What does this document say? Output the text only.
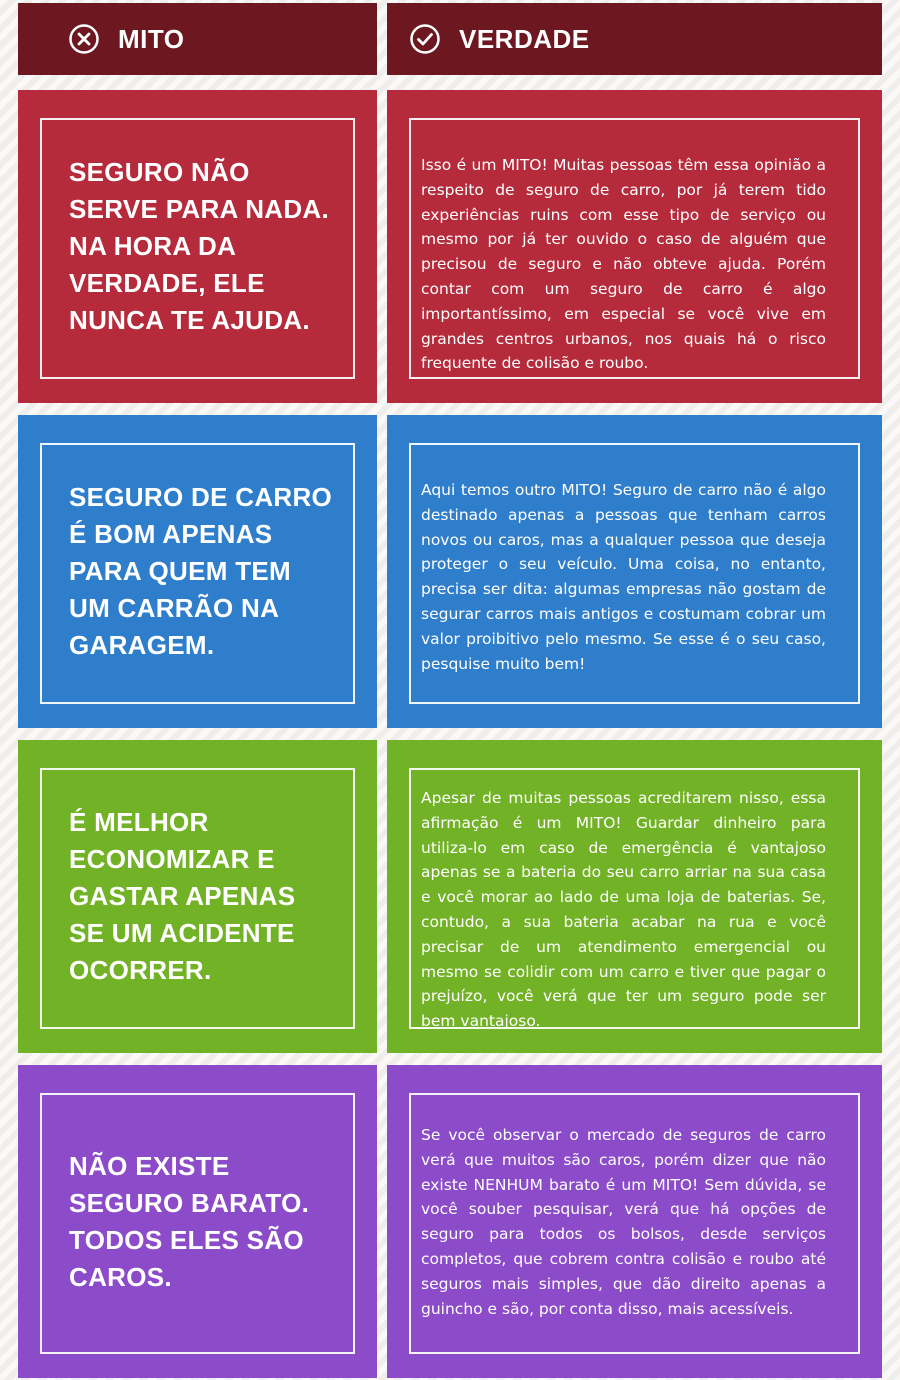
MITO	VERDADE
SEGURO NÃO SERVE PARA NADA. NA HORA DA VERDADE, ELE NUNCA TE AJUDA.
Isso é um MITO! Muitas pessoas têm essa opinião a respeito de seguro de carro, por já terem tido experiências ruins com esse tipo de serviço ou mesmo por já ter ouvido o caso de alguém que precisou de seguro e não obteve ajuda. Porém contar com um seguro de carro é algo importantíssimo, em especial se você vive em grandes centros urbanos, nos quais há o risco frequente de colisão e roubo.
SEGURO DE CARRO É BOM APENAS PARA QUEM TEM UM CARRÃO NA GARAGEM.
Aqui temos outro MITO! Seguro de carro não é algo destinado apenas a pessoas que tenham carros novos ou caros, mas a qualquer pessoa que deseja proteger o seu veículo. Uma coisa, no entanto, precisa ser dita: algumas empresas não gostam de segurar carros mais antigos e costumam cobrar um valor proibitivo pelo mesmo. Se esse é o seu caso, pesquise muito bem!
É MELHOR ECONOMIZAR E GASTAR APENAS SE UM ACIDENTE OCORRER.
Apesar de muitas pessoas acreditarem nisso, essa afirmação é um MITO! Guardar dinheiro para utiliza-lo em caso de emergência é vantajoso apenas se a bateria do seu carro arriar na sua casa e você morar ao lado de uma loja de baterias. Se, contudo, a sua bateria acabar na rua e você precisar de um atendimento emergencial ou mesmo se colidir com um carro e tiver que pagar o prejuízo, você verá que ter um seguro pode ser bem vantajoso.
NÃO EXISTE SEGURO BARATO. TODOS ELES SÃO CAROS.
Se você observar o mercado de seguros de carro verá que muitos são caros, porém dizer que não existe NENHUM barato é um MITO! Sem dúvida, se você souber pesquisar, verá que há opções de seguro para todos os bolsos, desde serviços completos, que cobrem contra colisão e roubo até seguros mais simples, que dão direito apenas a guincho e são, por conta disso, mais acessíveis.
